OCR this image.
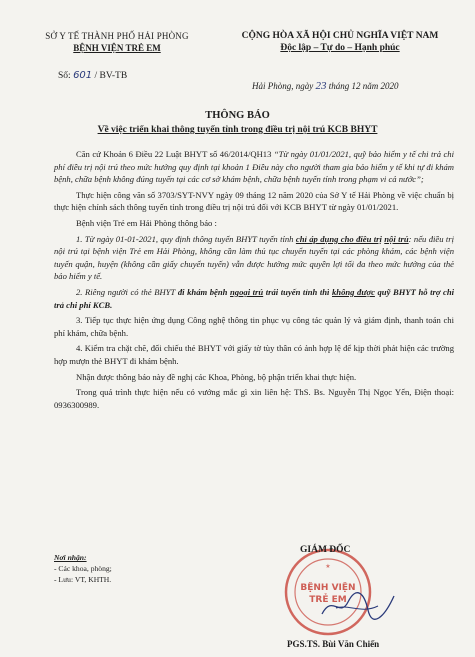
SỞ Y TẾ THÀNH PHỐ HẢI PHÒNG
BỆNH VIỆN TRẺ EM
Số: 601 / BV-TB
CỘNG HÒA XÃ HỘI CHỦ NGHĨA VIỆT NAM
Độc lập – Tự do – Hạnh phúc
Hải Phòng, ngày 23 tháng 12 năm 2020
THÔNG BÁO
Về việc triển khai thông tuyến tỉnh trong điều trị nội trú KCB BHYT

Căn cứ Khoản 6 Điều 22 Luật BHYT số 46/2014/QH13 “Từ ngày 01/01/2021, quỹ bảo hiểm y tế chi trả chi phí điều trị nội trú theo mức hưởng quy định tại khoản 1 Điều này cho người tham gia bảo hiểm y tế khi tự đi khám bệnh, chữa bệnh không đúng tuyến tại các cơ sở khám bệnh, chữa bệnh tuyến tỉnh trong phạm vi cả nước”;

Thực hiện công văn số 3703/SYT-NVY ngày 09 tháng 12 năm 2020 của Sở Y tế Hải Phòng về việc chuẩn bị thực hiện chính sách thông tuyến tỉnh trong điều trị nội trú đối với KCB BHYT từ ngày 01/01/2021.

Bệnh viện Trẻ em Hải Phòng thông báo :

1. Từ ngày 01-01-2021, quy định thông tuyến BHYT tuyến tỉnh chỉ áp dụng cho điều trị nội trú: nếu điều trị nội trú tại bệnh viện Trẻ em Hải Phòng, không cần làm thủ tục chuyển tuyến tại các phòng khám, các bệnh viện tuyến quận, huyện (không cần giấy chuyển tuyến) vẫn được hưởng mức quyền lợi tối đa theo mức hưởng của thẻ bảo hiểm y tế.

2. Riêng người có thẻ BHYT đi khám bệnh ngoại trú trái tuyến tỉnh thì không được quỹ BHYT hỗ trợ chi trả chi phí KCB.

3. Tiếp tục thực hiện ứng dụng Công nghệ thông tin phục vụ công tác quản lý và giám định, thanh toán chi phí khám, chữa bệnh.

4. Kiểm tra chặt chẽ, đối chiếu thẻ BHYT với giấy tờ tùy thân có ảnh hợp lệ để kịp thời phát hiện các trường hợp mượn thẻ BHYT đi khám bệnh.

Nhận được thông báo này đề nghị các Khoa, Phòng, bộ phận triển khai thực hiện.

Trong quá trình thực hiện nếu có vướng mắc gì xin liên hệ: ThS. Bs. Nguyễn Thị Ngọc Yến, Điện thoại: 0936300989.

Nơi nhận:
- Các khoa, phòng;
- Lưu: VT, KHTH.
BỆNH VIỆN
TRẺ EM
★
GIÁM ĐỐC
PGS.TS. Bùi Văn Chiến
